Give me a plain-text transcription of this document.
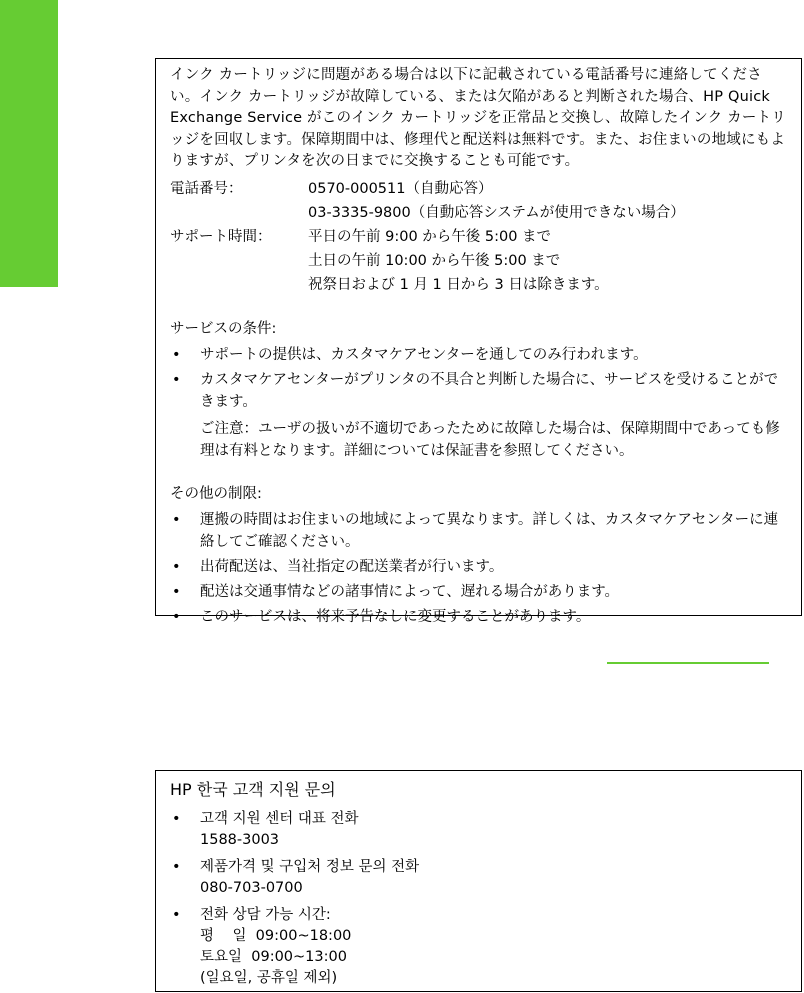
インク カートリッジに問題がある場合は以下に記載されている電話番号に連絡してください。インク カートリッジが故障している、または欠陥があると判断された場合、HP Quick Exchange Service がこのインク カートリッジを正常品と交換し、故障したインク カートリッジを回収します。保障期間中は、修理代と配送料は無料です。また、お住まいの地域にもよりますが、プリンタを次の日までに交換することも可能です。

電話番号：	0570-000511（自動応答）
03-3335-9800（自動応答システムが使用できない場合）
サポート時間：	平日の午前 9:00 から午後 5:00 まで
土日の午前 10:00 から午後 5:00 まで
祝祭日および 1 月 1 日から 3 日は除きます。
サービスの条件:
• サポートの提供は、カスタマケアセンターを通してのみ行われます。
• カスタマケアセンターがプリンタの不具合と判断した場合に、サービスを受けることができます。
ご注意：ユーザの扱いが不適切であったために故障した場合は、保障期間中であっても修理は有料となります。詳細については保証書を参照してください。
その他の制限:
• 運搬の時間はお住まいの地域によって異なります。詳しくは、カスタマケアセンターに連絡してご確認ください。
• 出荷配送は、当社指定の配送業者が行います。
• 配送は交通事情などの諸事情によって、遅れる場合があります。
• このサービスは、将来予告なしに変更することがあります。
HP 한국 고객 지원 문의
• 고객 지원 센터 대표 전화
1588-3003
• 제품가격 및 구입처 정보 문의 전화
080-703-0700
• 전화 상담 가능 시간:
평    일  09:00~18:00
토요일  09:00~13:00
(일요일, 공휴일 제외)
